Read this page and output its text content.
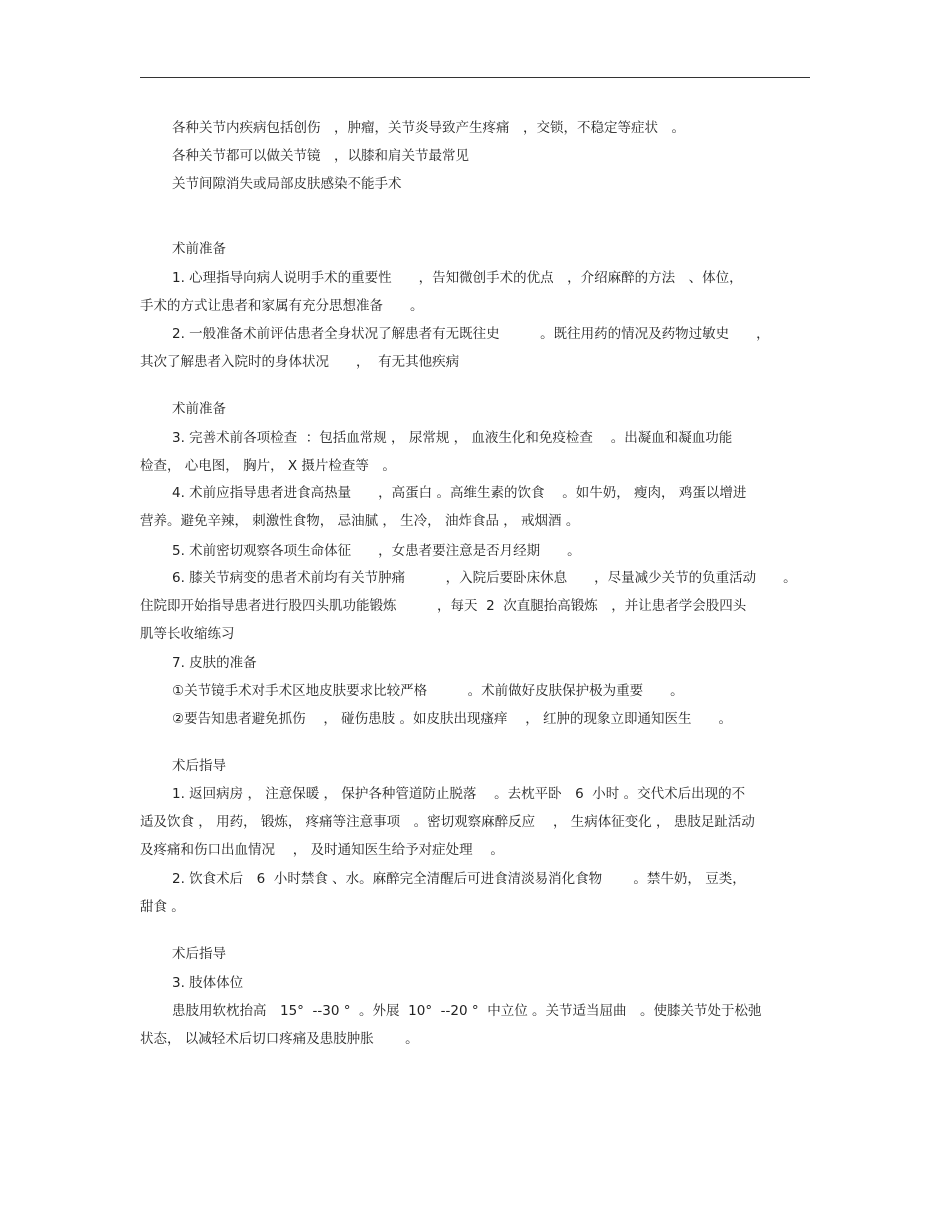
各种关节内疾病包括创伤　，肿瘤，关节炎导致产生疼痛　，交锁，不稳定等症状　。
各种关节都可以做关节镜　，以膝和肩关节最常见
关节间隙消失或局部皮肤感染不能手术
术前准备
1. 心理指导向病人说明手术的重要性　　，告知微创手术的优点　，介绍麻醉的方法　、体位，
手术的方式让患者和家属有充分思想准备　　。
2. 一般准备术前评估患者全身状况了解患者有无既往史　　　。既往用药的情况及药物过敏史　　，
其次了解患者入院时的身体状况　　，  有无其他疾病
术前准备
3. 完善术前各项检查  ：包括血常规 ， 尿常规 ， 血液生化和免疫检查　 。出凝血和凝血功能
检查， 心电图， 胸片， X 摄片检查等　。
4. 术前应指导患者进食高热量　　，高蛋白 。高维生素的饮食　 。如牛奶， 瘦肉， 鸡蛋以增进
营养。避免辛辣， 刺激性食物， 忌油腻 ， 生冷， 油炸食品 ， 戒烟酒 。
5. 术前密切观察各项生命体征　　，女患者要注意是否月经期　　。
6. 膝关节病变的患者术前均有关节肿痛　　　，入院后要卧床休息　　，尽量减少关节的负重活动　　。
住院即开始指导患者进行股四头肌功能锻炼　　　，每天  2  次直腿抬高锻炼　，并让患者学会股四头
肌等长收缩练习
7. 皮肤的准备
①关节镜手术对手术区地皮肤要求比较严格　　　。术前做好皮肤保护极为重要　　。
②要告知患者避免抓伤　 ， 碰伤患肢 。如皮肤出现瘙痒　 ， 红肿的现象立即通知医生　　。
术后指导
1. 返回病房 ， 注意保暖 ， 保护各种管道防止脱落　 。去枕平卧　6  小时 。交代术后出现的不
适及饮食 ， 用药， 锻炼， 疼痛等注意事项　。密切观察麻醉反应　 ， 生病体征变化 ， 患肢足趾活动
及疼痛和伤口出血情况　 ， 及时通知医生给予对症处理　 。
2. 饮食术后　6  小时禁食 、水。麻醉完全清醒后可进食清淡易消化食物　　 。禁牛奶， 豆类，
甜食 。
术后指导
3. 肢体体位
患肢用软枕抬高　15°  --30 °  。外展  10°  --20 °  中立位 。关节适当屈曲　。使膝关节处于松弛
状态， 以减轻术后切口疼痛及患肢肿胀　　 。
